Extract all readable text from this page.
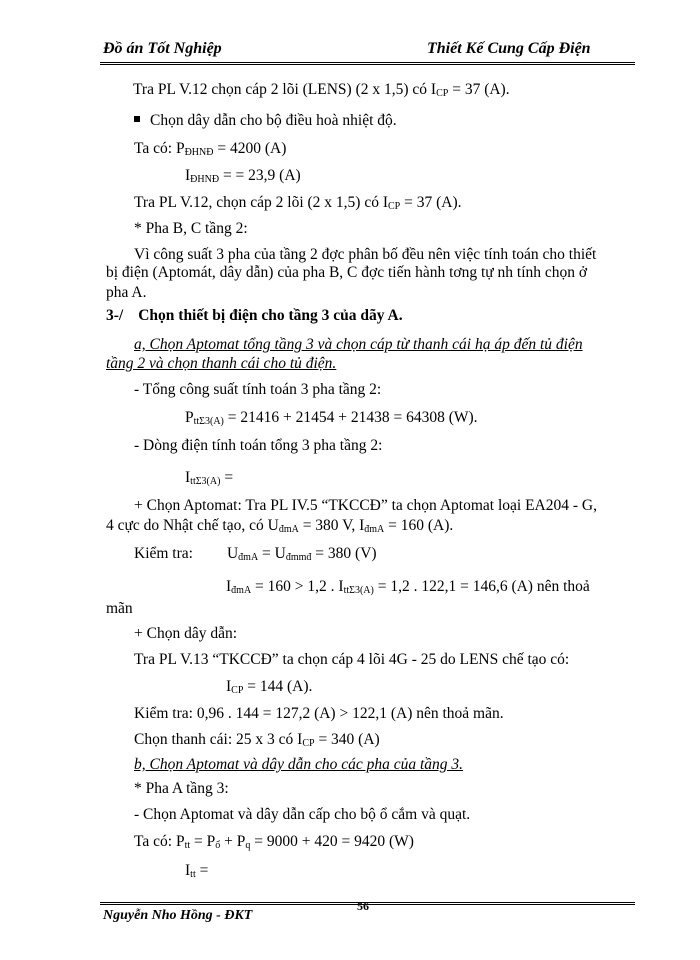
Đồ án Tốt Nghiệp	Thiết Kế Cung Cấp Điện
Tra PL V.12 chọn cáp 2 lõi (LENS) (2 x 1,5) có $I_{CP} = 37$ (A).
Chọn dây dẫn cho bộ điều hoà nhiệt độ.
Ta có: $P_{ĐHNĐ} = 4200$ (A)
$I_{ĐHNĐ}$ = = 23,9 (A)
Tra PL V.12, chọn cáp 2 lõi (2 x 1,5) có $I_{CP} = 37$ (A).
* Pha B, C tầng 2:
Vì công suất 3 pha của tầng 2 đợc phân bố đều nên việc tính toán cho thiết
bị điện (Aptomát, dây dẫn) của pha B, C đợc tiến hành tơng tự nh tính chọn ở
pha A.
3-/ Chọn thiết bị điện cho tầng 3 của dãy A.
a, Chọn Aptomat tổng tầng 3 và chọn cáp từ thanh cái hạ áp đến tủ điện
tầng 2 và chọn thanh cái cho tủ điện.
- Tổng công suất tính toán 3 pha tầng 2:
$P_{tt\Sigma 3(A)} = 21416 + 21454 + 21438 = 64308$ (W).
- Dòng điện tính toán tổng 3 pha tầng 2:
$I_{tt\Sigma 3(A)}$ =
+ Chọn Aptomat: Tra PL IV.5 “TKCCĐ” ta chọn Aptomat loại EA204 - G,
4 cực do Nhật chế tạo, có $U_{đmA} = 380$ V, $I_{đmA} = 160$ (A).
Kiểm tra: $U_{đmA} = U_{đmmđ} = 380$ (V)
$I_{đmA} = 160 > 1,2$ . $I_{tt\Sigma 3(A)} = 1,2$ . 122,1 = 146,6 (A) nên thoả
mãn
+ Chọn dây dẫn:
Tra PL V.13 “TKCCĐ” ta chọn cáp 4 lõi 4G - 25 do LENS chế tạo có:
$I_{CP} = 144$ (A).
Kiểm tra: 0,96 . 144 = 127,2 (A) > 122,1 (A) nên thoả mãn.
Chọn thanh cái: 25 x 3 có $I_{CP} = 340$ (A)
b, Chọn Aptomat và dây dẫn cho các pha của tầng 3.
* Pha A tầng 3:
- Chọn Aptomat và dây dẫn cấp cho bộ ổ cắm và quạt.
Ta có: $P_{tt} = P_ổ + P_q = 9000 + 420 = 9420$ (W)
$I_{tt}$ =
Nguyễn Nho Hồng - ĐKT
56
